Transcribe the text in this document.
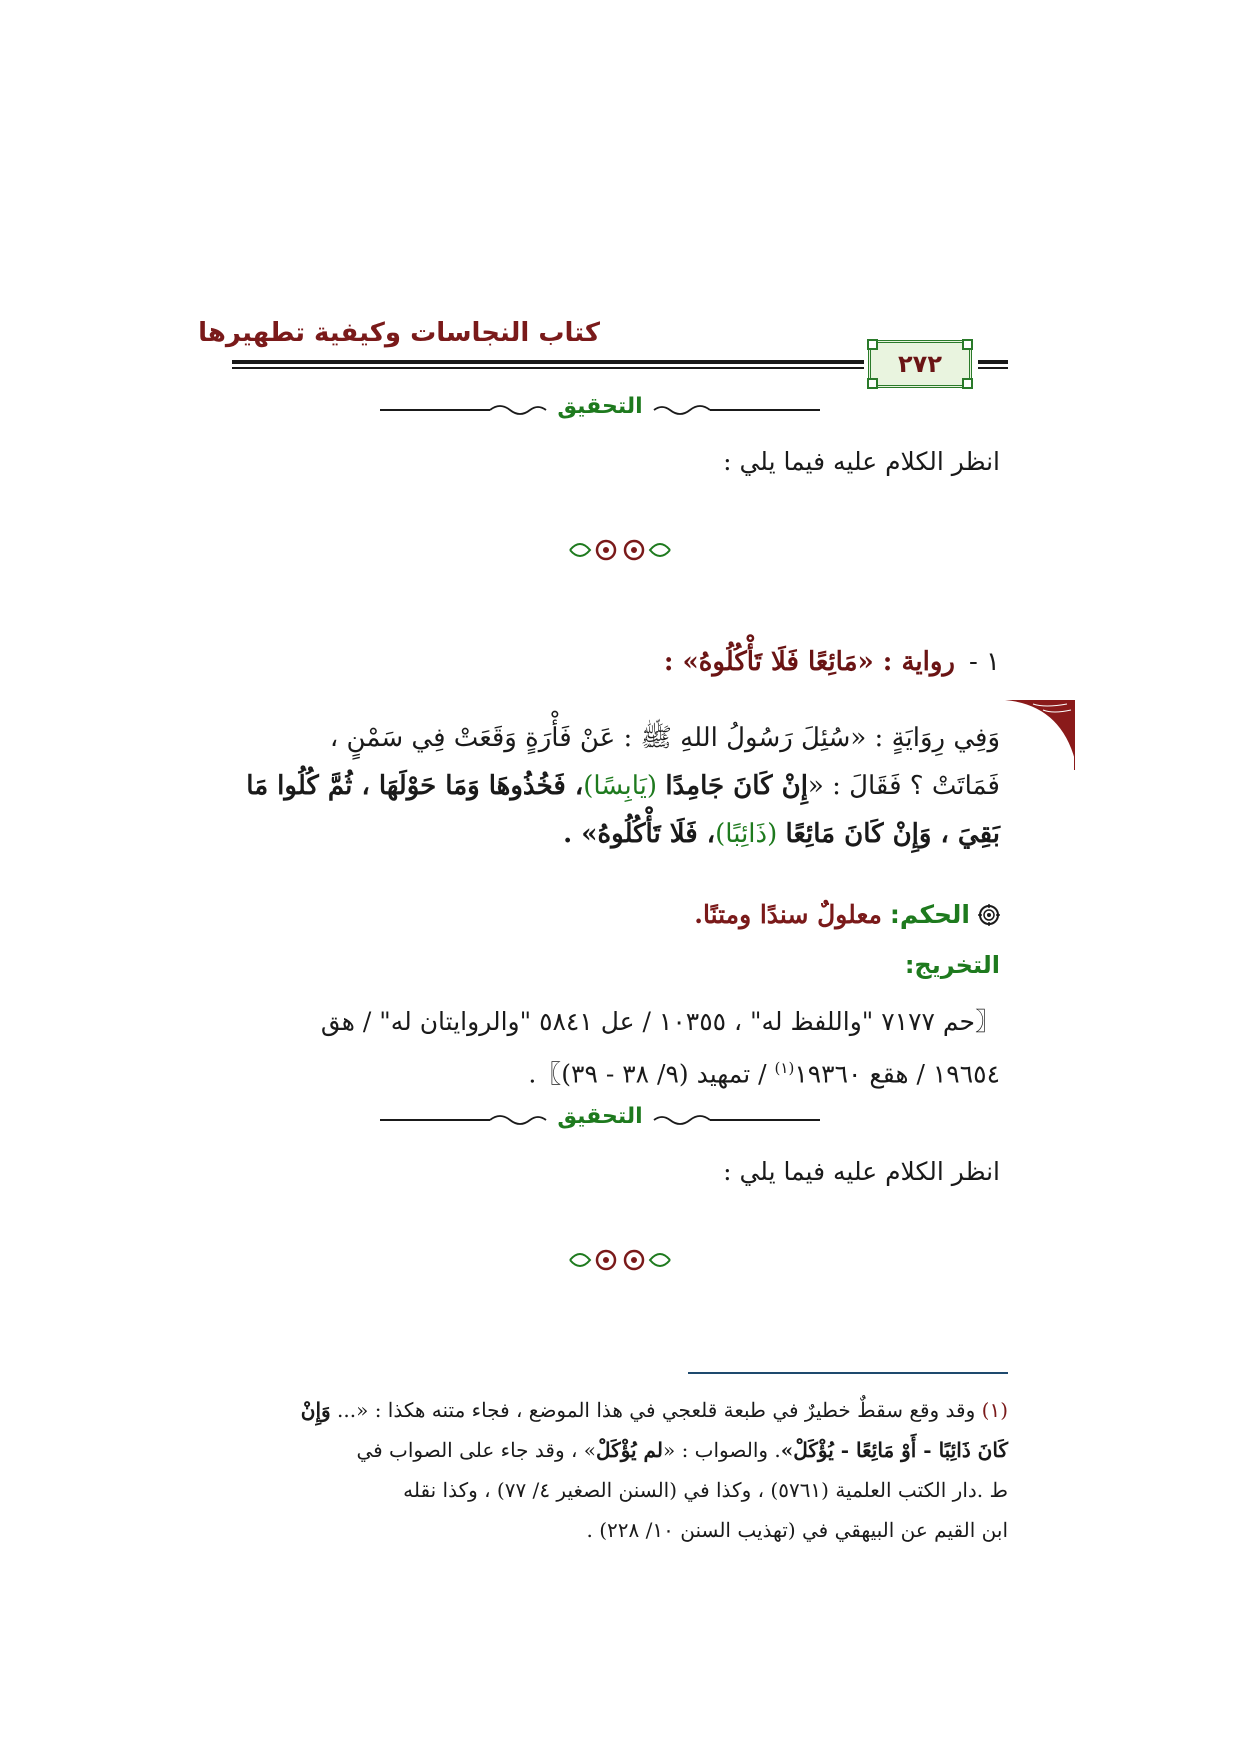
كتاب النجاسات وكيفية تطهيرها
٢٧٢
التحقيق
انظر الكلام عليه فيما يلي :
١ -رواية : «مَائِعًا فَلَا تَأْكُلُوهُ» :
وَفِي رِوَايَةٍ : «سُئِلَ رَسُولُ اللهِ ﷺ : عَنْ فَأْرَةٍ وَقَعَتْ فِي سَمْنٍ ،
فَمَاتَتْ ؟ فَقَالَ : «إِنْ كَانَ جَامِدًا (يَابِسًا)، فَخُذُوهَا وَمَا حَوْلَهَا ، ثُمَّ كُلُوا مَا
بَقِيَ ، وَإِنْ كَانَ مَائِعًا (ذَائِبًا)، فَلَا تَأْكُلُوهُ» .
الحكم: معلولٌ سندًا ومتنًا.
التخريج:
〖حم ٧١٧٧ "واللفظ له" ، ١٠٣٥٥ / عل ٥٨٤١ "والروايتان له" / هق
١٩٦٥٤ / هقع ١٩٣٦٠$^{(١)}$ / تمهيد (٩/ ٣٨ - ٣٩)〗.
التحقيق
انظر الكلام عليه فيما يلي :
(١) وقد وقع سقطٌ خطيرٌ في طبعة قلعجي في هذا الموضع ، فجاء متنه هكذا : «... وَإِنْ
كَانَ ذَائِبًا - أَوْ مَائِعًا - يُؤْكَلْ». والصواب : «لم يُؤْكَلْ» ، وقد جاء على الصواب في
ط .دار الكتب العلمية (٥٧٦١) ، وكذا في (السنن الصغير ٤/ ٧٧) ، وكذا نقله
ابن القيم عن البيهقي في (تهذيب السنن ١٠/ ٢٢٨) .
